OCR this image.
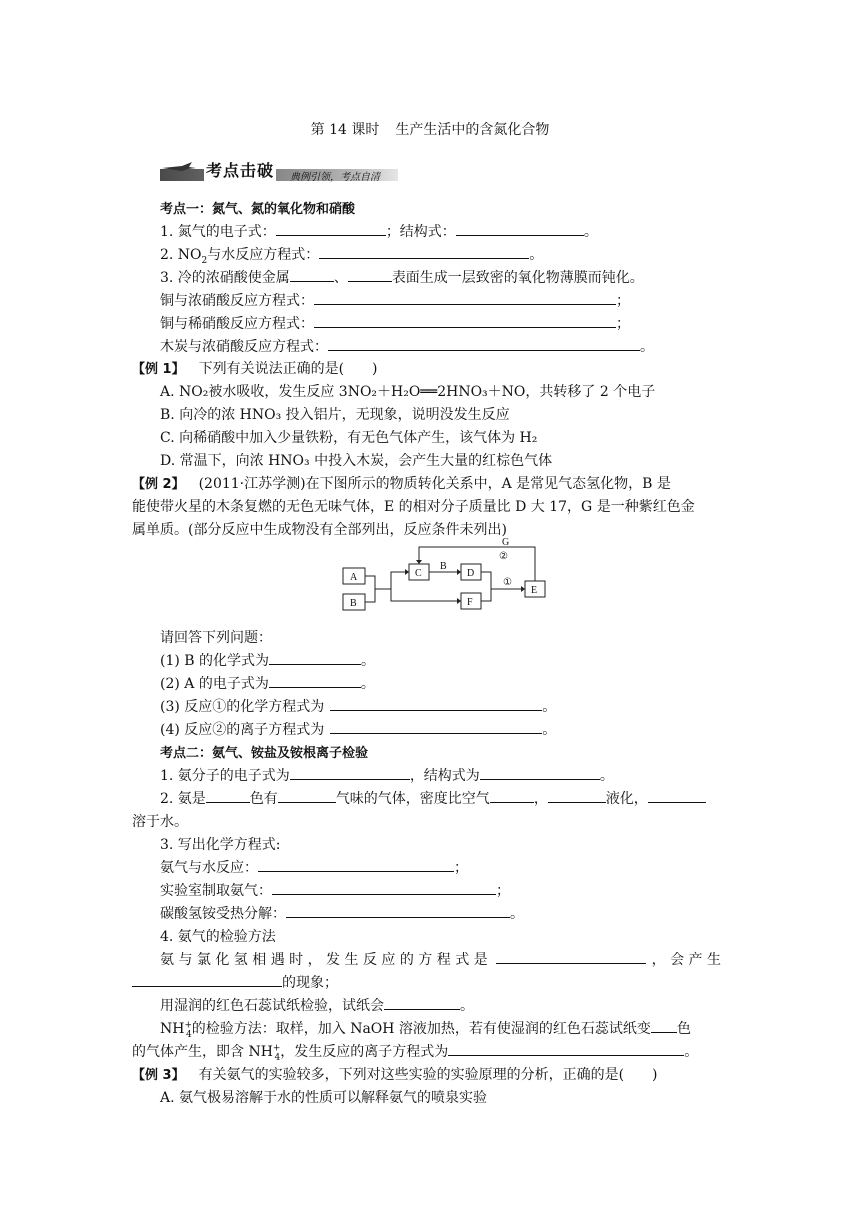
第 14 课时 生产生活中的含氮化合物
考点击破 典例引领，考点自清
考点一：氮气、氮的氧化物和硝酸
1. 氮气的电子式：	；结构式：	。
2. $NO_2$与水反应方程式：	。
3. 冷的浓硝酸使金属	、	表面生成一层致密的氧化物薄膜而钝化。
铜与浓硝酸反应方程式：	；
铜与稀硝酸反应方程式：	；
木炭与浓硝酸反应方程式：	。
【例 1】 下列有关说法正确的是(　　)
A. NO₂被水吸收，发生反应 3NO₂＋H₂O══2HNO₃＋NO，共转移了 2 个电子
B. 向冷的浓 HNO₃ 投入铝片，无现象，说明没发生反应
C. 向稀硝酸中加入少量铁粉，有无色气体产生，该气体为 H₂
D. 常温下，向浓 HNO₃ 中投入木炭，会产生大量的红棕色气体
【例 2】 (2011·江苏学测)在下图所示的物质转化关系中，A 是常见气态氢化物，B 是
能使带火星的木条复燃的无色无味气体，E 的相对分子质量比 D 大 17，G 是一种紫红色金
属单质。(部分反应中生成物没有全部列出，反应条件未列出)
A
B
C	D
E
F
B
G
②
①
请回答下列问题：
(1) B 的化学式为	。
(2) A 的电子式为	。
(3) 反应①的化学方程式为	。
(4) 反应②的离子方程式为	。
考点二：氨气、铵盐及铵根离子检验
1. 氨分子的电子式为	，结构式为	。
2. 氨是	色有	气味的气体，密度比空气	，	液化，
溶于水。
3. 写出化学方程式:
氨气与水反应：	；
实验室制取氨气：	；
碳酸氢铵受热分解：	。
4. 氨气的检验方法
氨 与 氯 化 氢 相 遇 时 ， 发 生 反 应 的 方 程 式 是	， 会 产 生
的现象；
用湿润的红色石蕊试纸检验，试纸会	。
$NH^+_4$的检验方法：取样，加入 NaOH 溶液加热，若有使湿润的红色石蕊试纸变 色
的气体产生，即含 $NH^+_4$，发生反应的离子方程式为	。
【例 3】 有关氨气的实验较多，下列对这些实验的实验原理的分析，正确的是(　　)
A. 氨气极易溶解于水的性质可以解释氨气的喷泉实验
